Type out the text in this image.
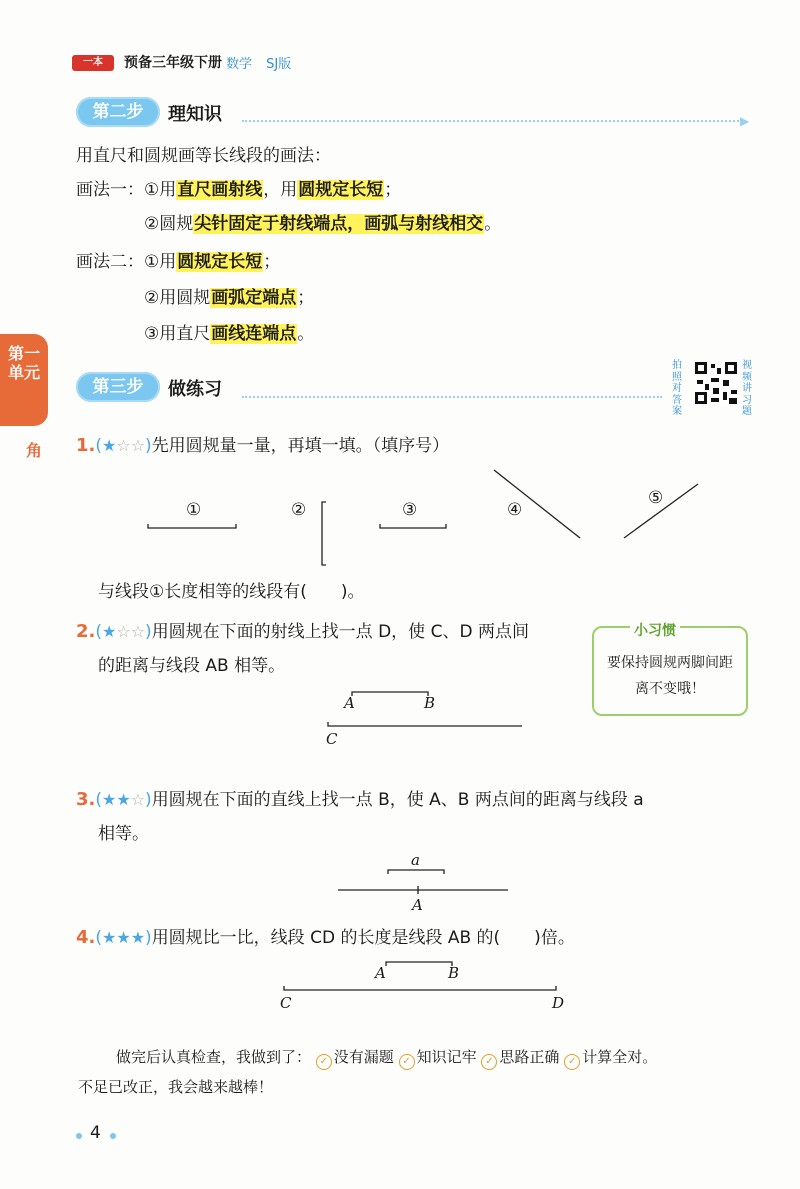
一本	预备三年级下册 数学 SJ版
第二步	理知识	▶
用直尺和圆规画等长线段的画法：
画法一：①用直尺画射线，用圆规定长短；
②圆规尖针固定于射线端点，画弧与射线相交。
画法二：①用圆规定长短；
②用圆规画弧定端点；
③用直尺画线连端点。
第一
单元
角
第三步	做练习
拍照对答案
视频讲习题
1.(★☆☆)先用圆规量一量，再填一填。（填序号）
①	②	③	④
⑤
与线段①长度相等的线段有(　　)。
2.(★☆☆)用圆规在下面的射线上找一点 D，使 C、D 两点间
的距离与线段 AB 相等。
A	B
C
小习惯
要保持圆规两脚间距离不变哦！
3.(★★☆)用圆规在下面的直线上找一点 B，使 A、B 两点间的距离与线段 a
相等。
a
A
4.(★★★)用圆规比一比，线段 CD 的长度是线段 AB 的(　　)倍。
A	B
C	D
做完后认真检查，我做到了： ✓ 没有漏题 ✓ 知识记牢 ✓ 思路正确 ✓ 计算全对。
不足已改正，我会越来越棒！
4
